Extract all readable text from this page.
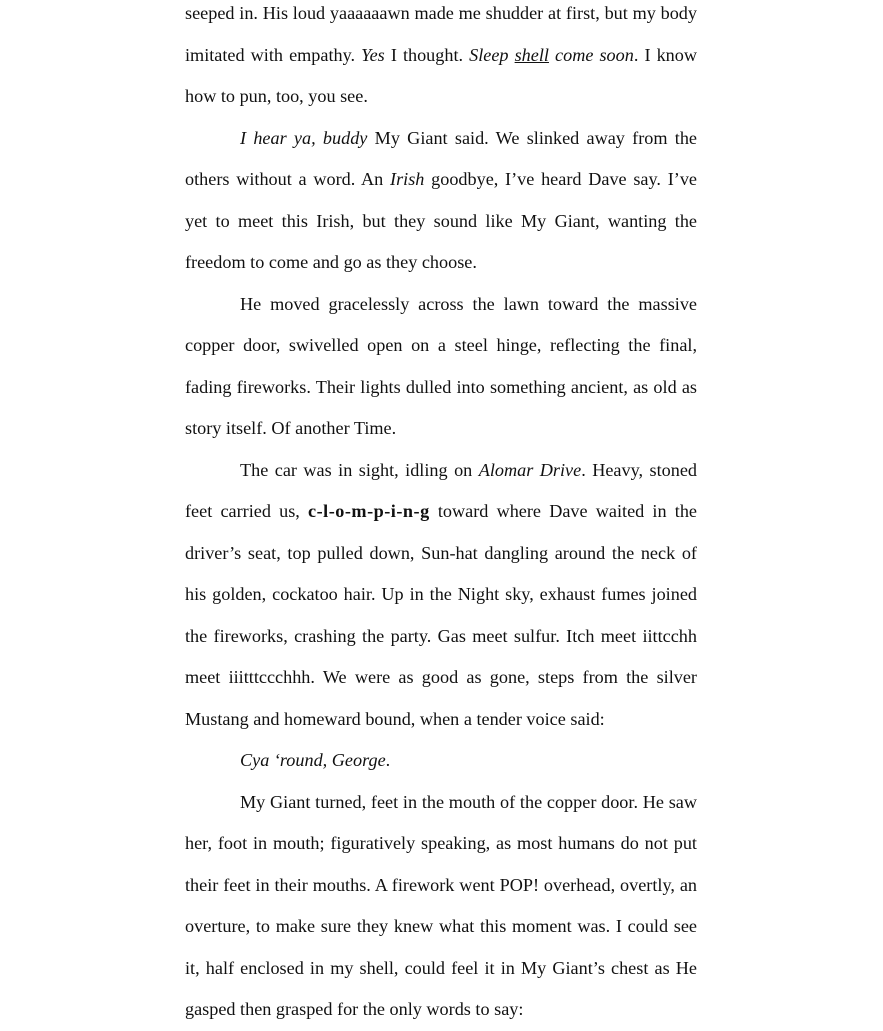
seeped in. His loud yaaaaaawn made me shudder at first, but my body imitated with empathy. Yes I thought. Sleep shell come soon. I know how to pun, too, you see.

I hear ya, buddy My Giant said. We slinked away from the others without a word. An Irish goodbye, I’ve heard Dave say. I’ve yet to meet this Irish, but they sound like My Giant, wanting the freedom to come and go as they choose.

He moved gracelessly across the lawn toward the massive copper door, swivelled open on a steel hinge, reflecting the final, fading fireworks. Their lights dulled into something ancient, as old as story itself. Of another Time.

The car was in sight, idling on Alomar Drive. Heavy, stoned feet carried us, c-l-o-m-p-i-n-g toward where Dave waited in the driver’s seat, top pulled down, Sun-hat dangling around the neck of his golden, cockatoo hair. Up in the Night sky, exhaust fumes joined the fireworks, crashing the party. Gas meet sulfur. Itch meet iittcchh meet iiitttccchhh. We were as good as gone, steps from the silver Mustang and homeward bound, when a tender voice said:

Cya ‘round, George.

My Giant turned, feet in the mouth of the copper door. He saw her, foot in mouth; figuratively speaking, as most humans do not put their feet in their mouths. A firework went POP! overhead, overtly, an overture, to make sure they knew what this moment was. I could see it, half enclosed in my shell, could feel it in My Giant’s chest as He gasped then grasped for the only words to say:
